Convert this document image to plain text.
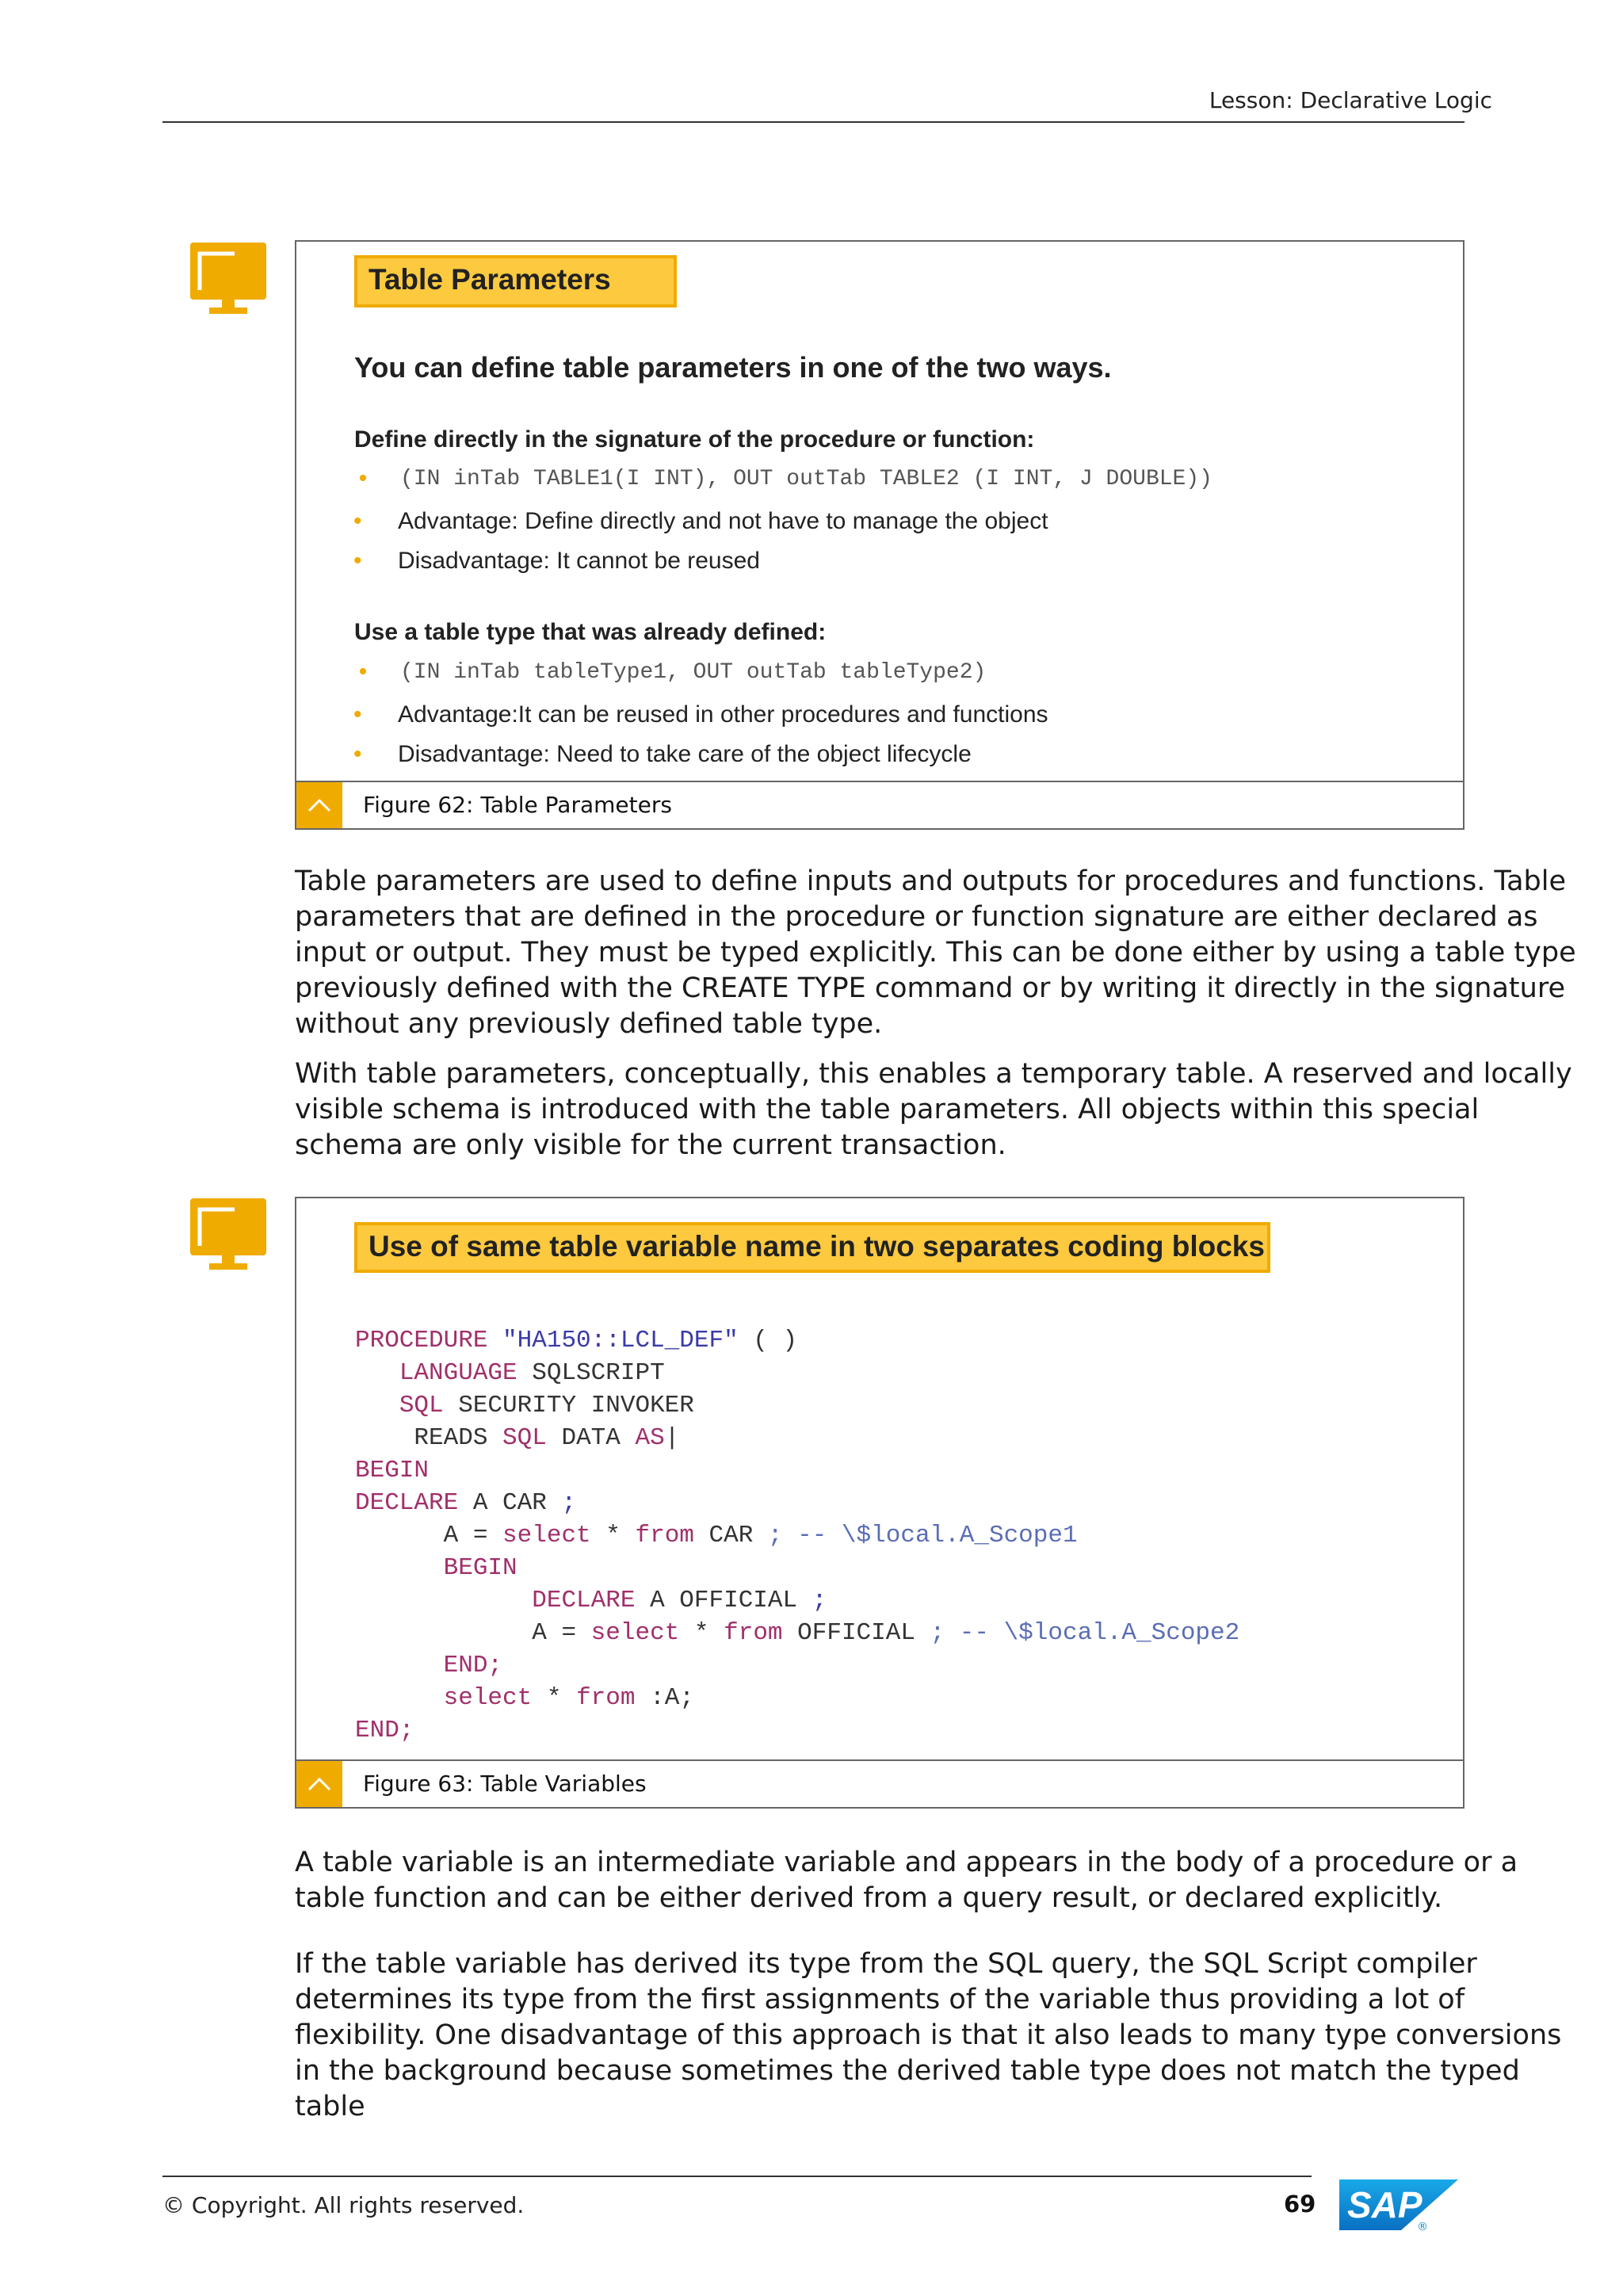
Lesson: Declarative Logic
Table Parameters
You can define table parameters in one of the two ways.
Define directly in the signature of the procedure or function:
• (IN inTab TABLE1(I INT), OUT outTab TABLE2 (I INT, J DOUBLE))
• Advantage: Define directly and not have to manage the object
• Disadvantage: It cannot be reused
Use a table type that was already defined:
• (IN inTab tableType1, OUT outTab tableType2)
• Advantage:It can be reused in other procedures and functions
• Disadvantage: Need to take care of the object lifecycle
Figure 62: Table Parameters
Table parameters are used to define inputs and outputs for procedures and functions. Table parameters that are defined in the procedure or function signature are either declared as input or output. They must be typed explicitly. This can be done either by using a table type previously defined with the CREATE TYPE command or by writing it directly in the signature without any previously defined table type.
With table parameters, conceptually, this enables a temporary table. A reserved and locally visible schema is introduced with the table parameters. All objects within this special schema are only visible for the current transaction.
Use of same table variable name in two separates coding blocks
PROCEDURE "HA150::LCL_DEF" ( )
LANGUAGE SQLSCRIPT
SQL SECURITY INVOKER
READS SQL DATA AS|
BEGIN
DECLARE A CAR ;
A = select * from CAR ; -- \$local.A_Scope1
BEGIN
DECLARE A OFFICIAL ;
A = select * from OFFICIAL ; -- \$local.A_Scope2
END;
select * from :A;
END;
Figure 63: Table Variables
A table variable is an intermediate variable and appears in the body of a procedure or a table function and can be either derived from a query result, or declared explicitly.
If the table variable has derived its type from the SQL query, the SQL Script compiler determines its type from the first assignments of the variable thus providing a lot of flexibility. One disadvantage of this approach is that it also leads to many type conversions in the background because sometimes the derived table type does not match the typed table
© Copyright. All rights reserved.	69 SAP
®
